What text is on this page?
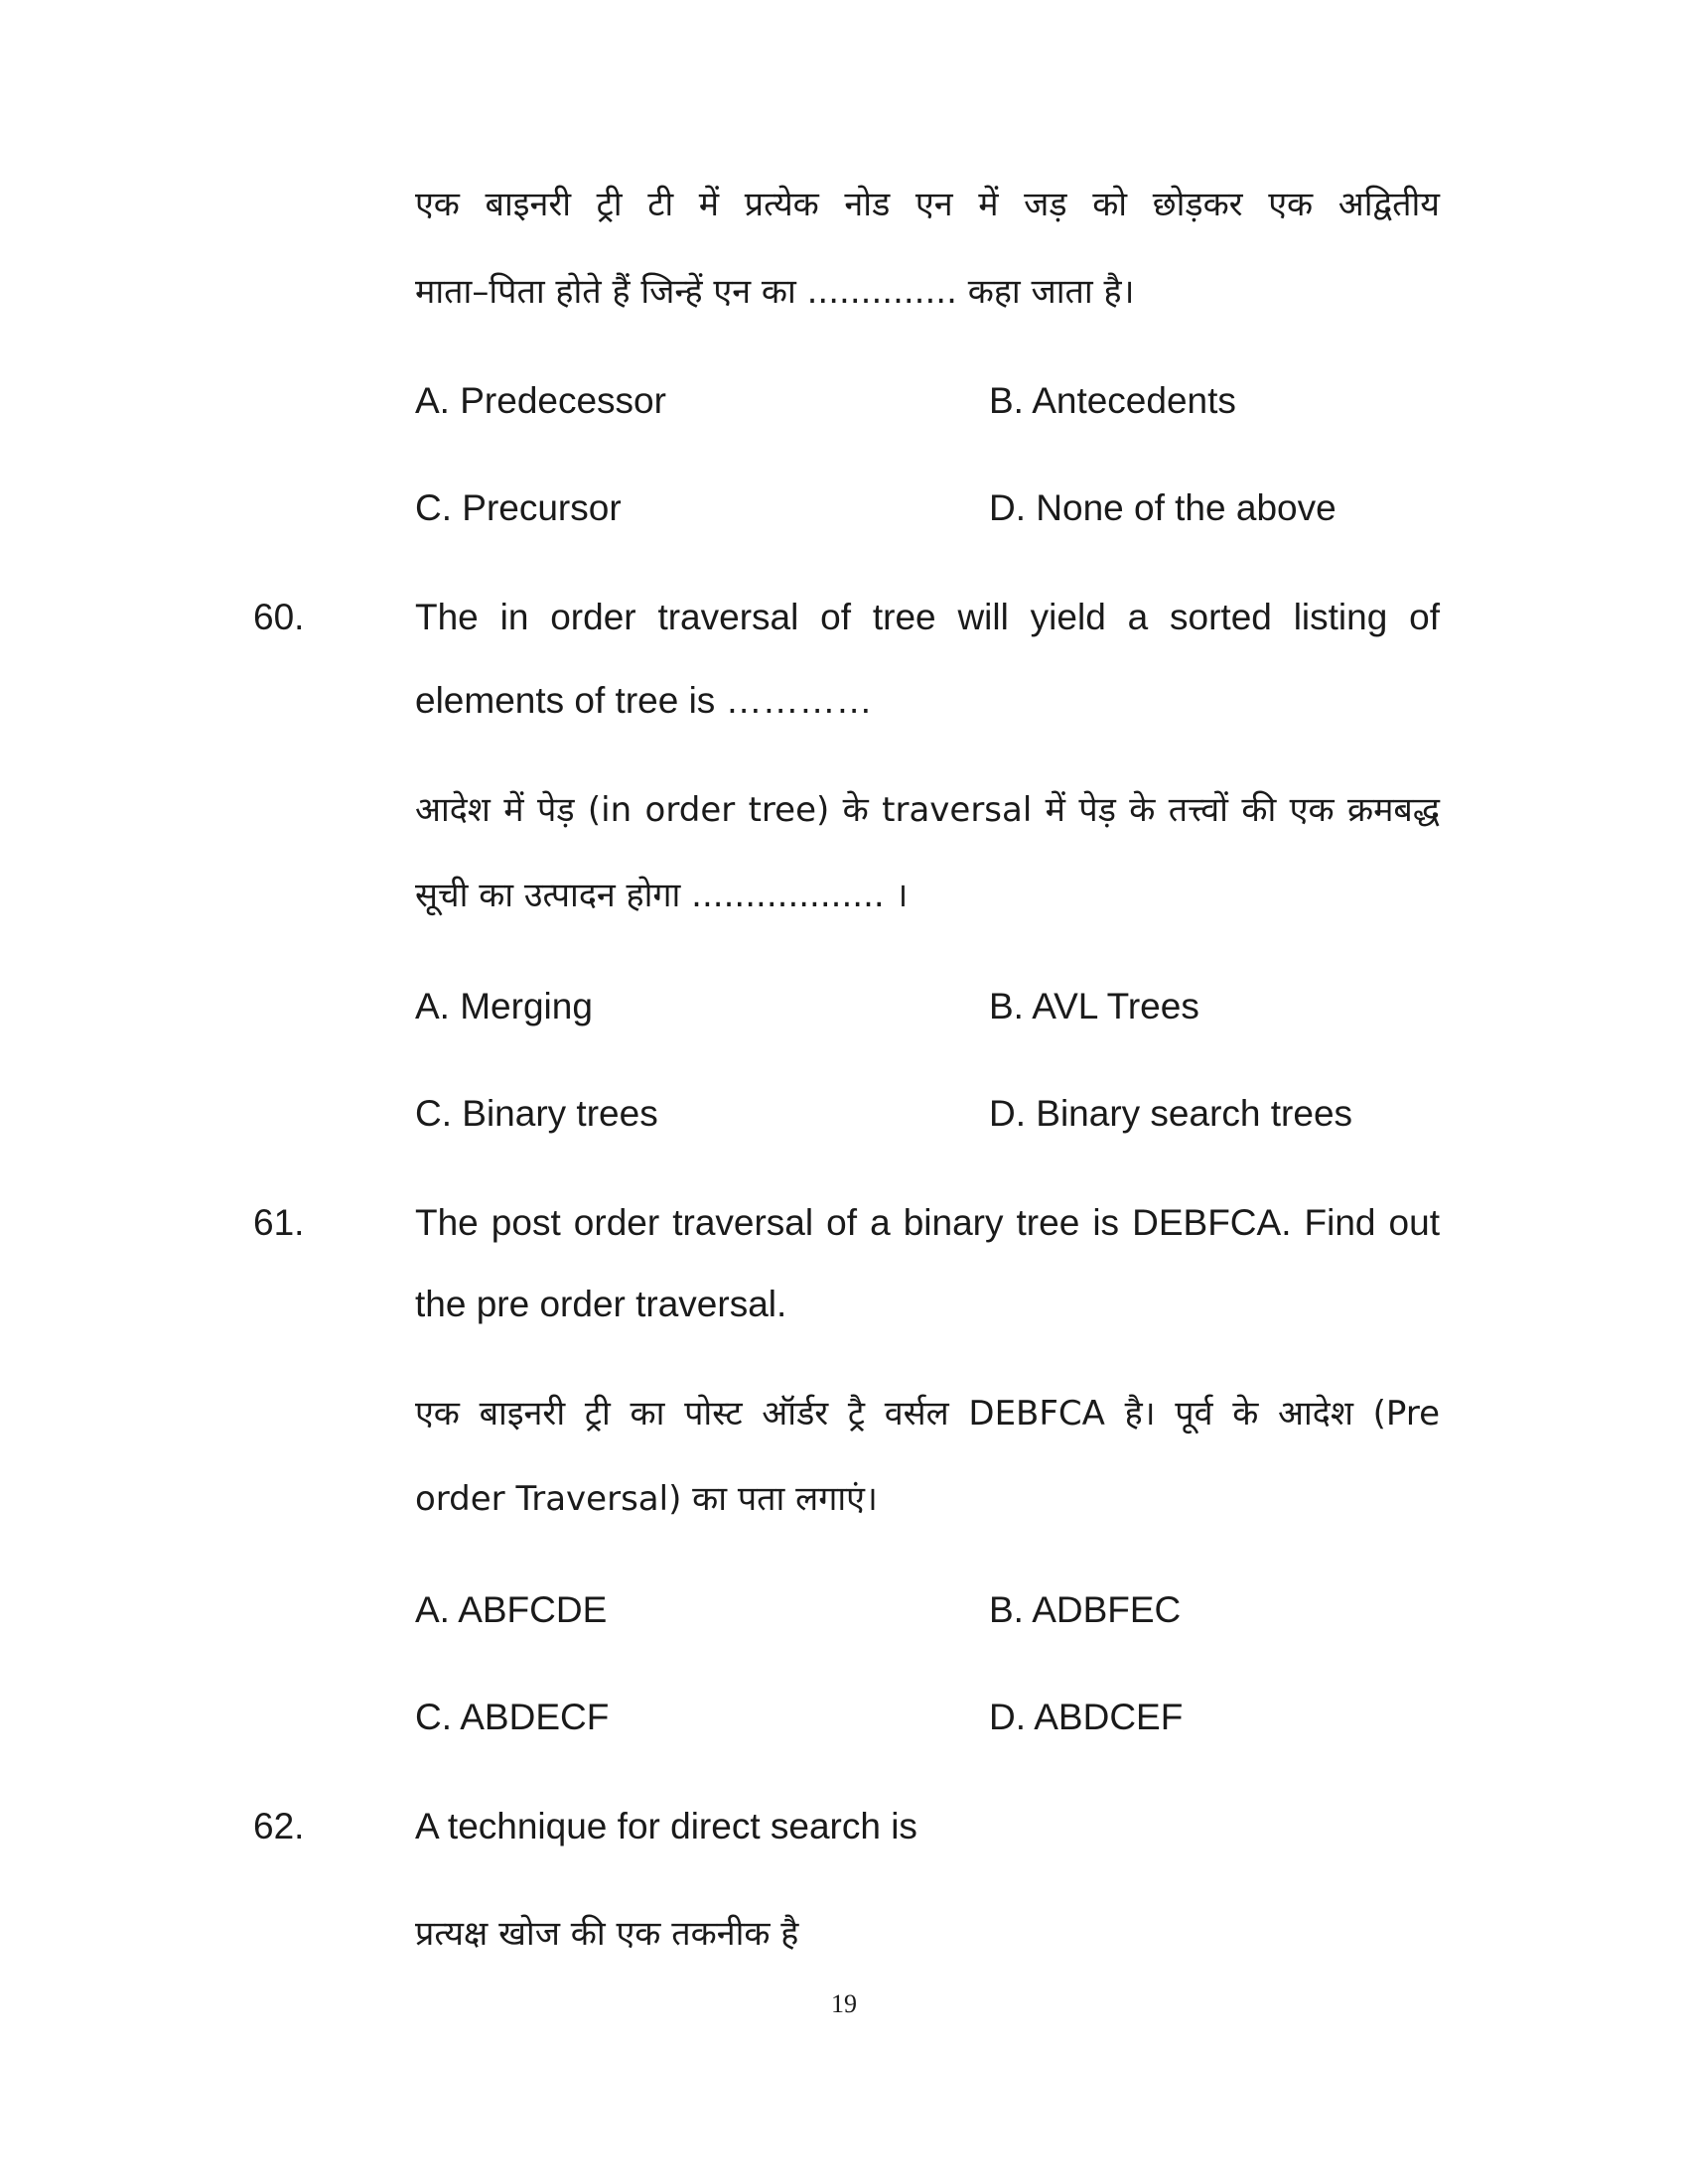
एक बाइनरी ट्री टी में प्रत्येक नोड एन में जड़ को छोड़कर एक अद्वितीय
माता–पिता होते हैं जिन्हें एन का .............. कहा जाता है।
A. Predecessor	B. Antecedents
C. Precursor	D. None of the above
60.	The in order traversal of tree will yield a sorted listing of
elements of tree is …………
आदेश में पेड़ (in order tree) के traversal में पेड़ के तत्त्वों की एक क्रमबद्ध
सूची का उत्पादन होगा .................. ।
A. Merging	B. AVL Trees
C. Binary trees	D. Binary search trees
61.	The post order traversal of a binary tree is DEBFCA. Find out
the pre order traversal.
एक बाइनरी ट्री का पोस्ट ऑर्डर ट्रै वर्सल DEBFCA है। पूर्व के आदेश (Pre
order Traversal) का पता लगाएं।
A. ABFCDE	B. ADBFEC
C. ABDECF	D. ABDCEF
62.	A technique for direct search is
प्रत्यक्ष खोज की एक तकनीक है
19
